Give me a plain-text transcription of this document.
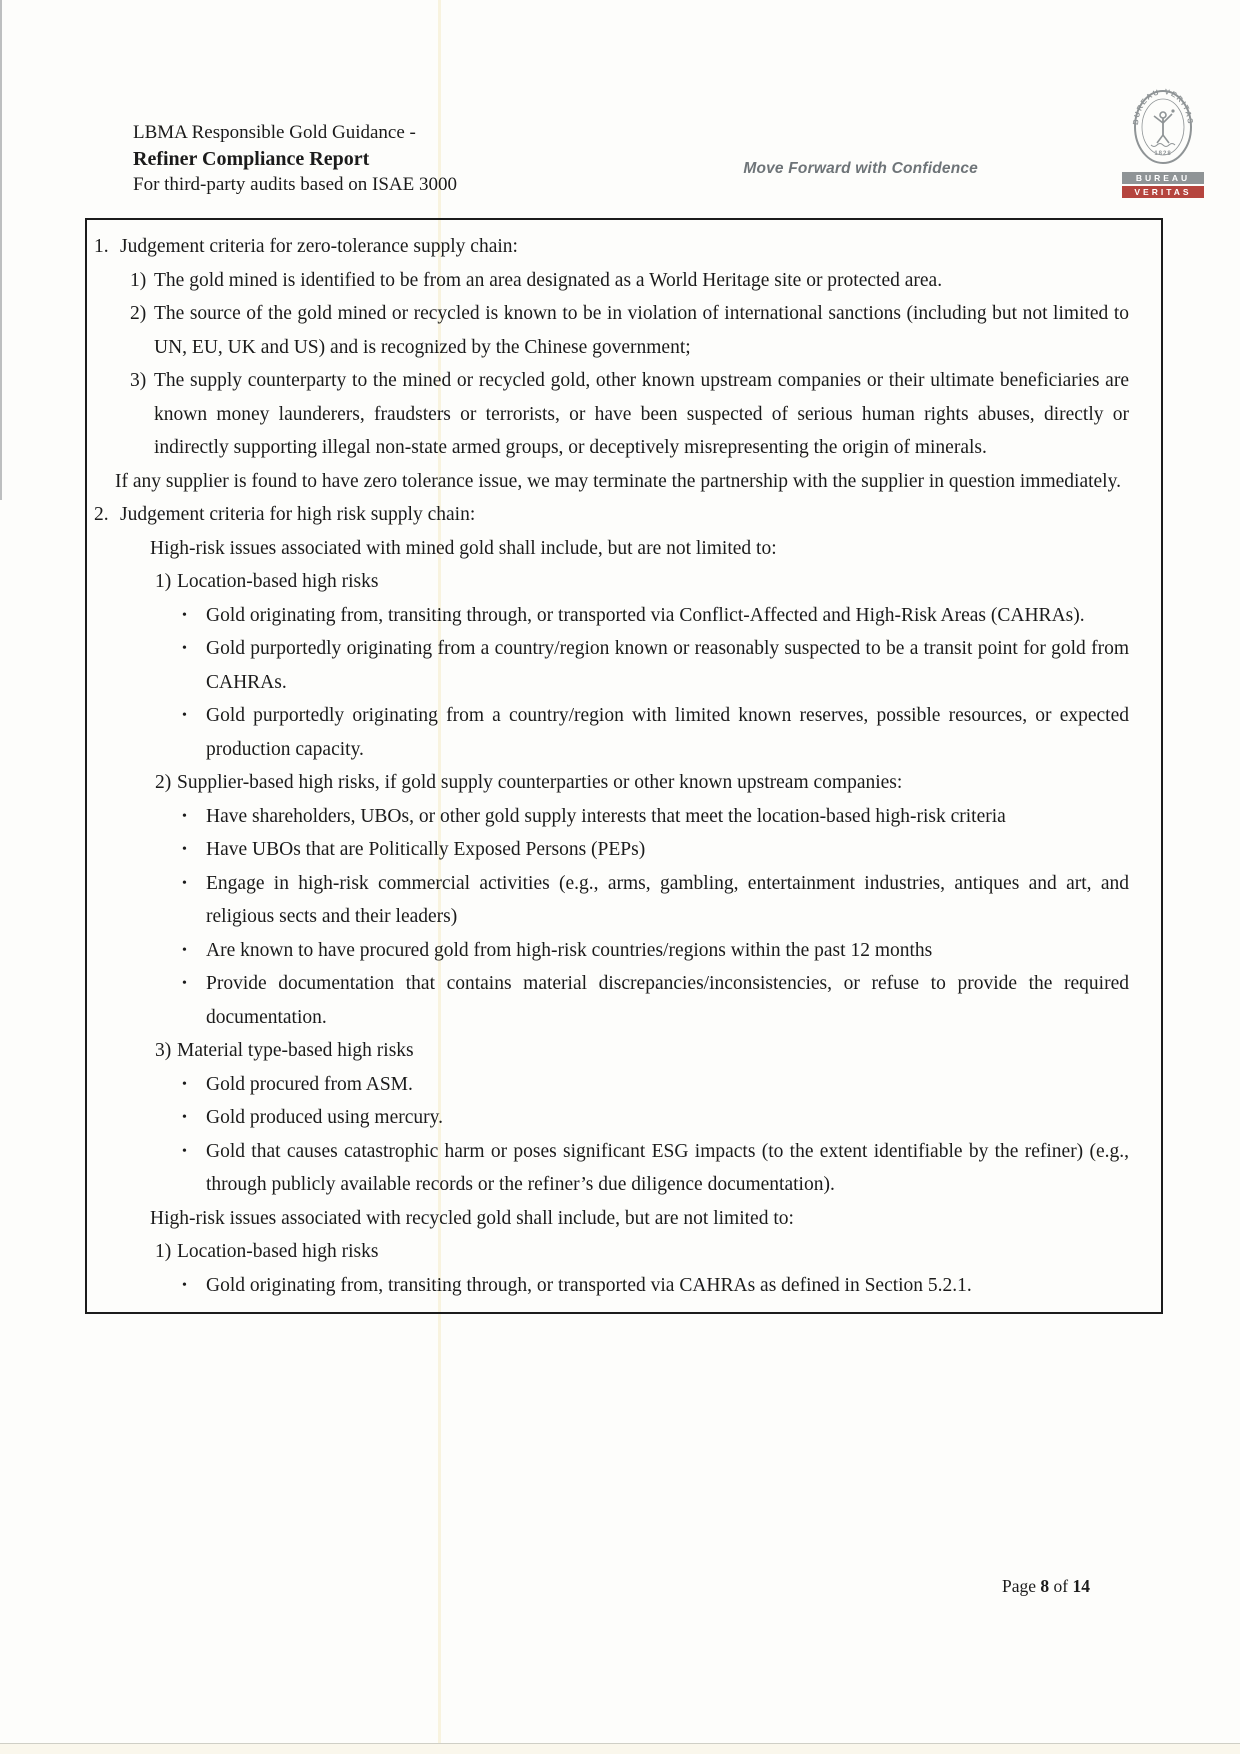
LBMA Responsible Gold Guidance -
Refiner Compliance Report
For third-party audits based on ISAE 3000
Move Forward with Confidence
BUREAU VERITAS
1828
BUREAU
VERITAS
1. Judgement criteria for zero-tolerance supply chain:
1) The gold mined is identified to be from an area designated as a World Heritage site or protected area.
2) The source of the gold mined or recycled is known to be in violation of international sanctions (including but not limited to UN, EU, UK and US) and is recognized by the Chinese government;
3) The supply counterparty to the mined or recycled gold, other known upstream companies or their ultimate beneficiaries are known money launderers, fraudsters or terrorists, or have been suspected of serious human rights abuses, directly or indirectly supporting illegal non-state armed groups, or deceptively misrepresenting the origin of minerals.
If any supplier is found to have zero tolerance issue, we may terminate the partnership with the supplier in question immediately.
2. Judgement criteria for high risk supply chain:
High-risk issues associated with mined gold shall include, but are not limited to:
1) Location-based high risks
• Gold originating from, transiting through, or transported via Conflict-Affected and High-Risk Areas (CAHRAs).
• Gold purportedly originating from a country/region known or reasonably suspected to be a transit point for gold from CAHRAs.
• Gold purportedly originating from a country/region with limited known reserves, possible resources, or expected production capacity.
2) Supplier-based high risks, if gold supply counterparties or other known upstream companies:
• Have shareholders, UBOs, or other gold supply interests that meet the location-based high-risk criteria
• Have UBOs that are Politically Exposed Persons (PEPs)
• Engage in high-risk commercial activities (e.g., arms, gambling, entertainment industries, antiques and art, and religious sects and their leaders)
• Are known to have procured gold from high-risk countries/regions within the past 12 months
• Provide documentation that contains material discrepancies/inconsistencies, or refuse to provide the required documentation.
3) Material type-based high risks
• Gold procured from ASM.
• Gold produced using mercury.
• Gold that causes catastrophic harm or poses significant ESG impacts (to the extent identifiable by the refiner) (e.g., through publicly available records or the refiner’s due diligence documentation).
High-risk issues associated with recycled gold shall include, but are not limited to:
1) Location-based high risks
• Gold originating from, transiting through, or transported via CAHRAs as defined in Section 5.2.1.
Page 8 of 14
